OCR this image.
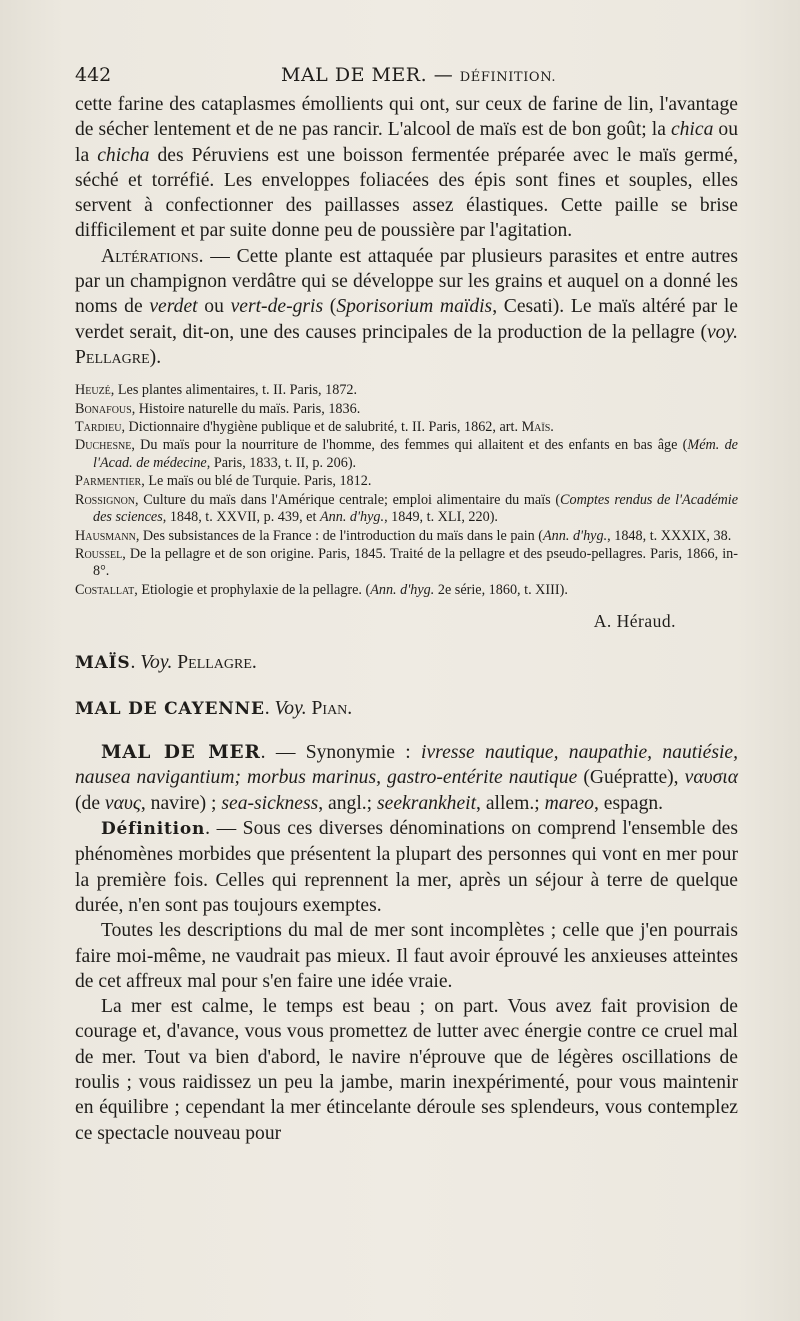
442	MAL DE MER. — DÉFINITION.

cette farine des cataplasmes émollients qui ont, sur ceux de farine de lin, l'avantage de sécher lentement et de ne pas rancir. L'alcool de maïs est de bon goût; la chica ou la chicha des Péruviens est une boisson fermentée préparée avec le maïs germé, séché et torréfié. Les enveloppes foliacées des épis sont fines et souples, elles servent à confectionner des paillasses assez élastiques. Cette paille se brise difficilement et par suite donne peu de poussière par l'agitation.

Altérations. — Cette plante est attaquée par plusieurs parasites et entre autres par un champignon verdâtre qui se développe sur les grains et auquel on a donné les noms de verdet ou vert-de-gris (Sporisorium maïdis, Cesati). Le maïs altéré par le verdet serait, dit-on, une des causes principales de la production de la pellagre (voy. Pellagre).

Heuzé, Les plantes alimentaires, t. II. Paris, 1872.

Bonafous, Histoire naturelle du maïs. Paris, 1836.

Tardieu, Dictionnaire d'hygiène publique et de salubrité, t. II. Paris, 1862, art. Maïs.

Duchesne, Du maïs pour la nourriture de l'homme, des femmes qui allaitent et des enfants en bas âge (Mém. de l'Acad. de médecine, Paris, 1833, t. II, p. 206).

Parmentier, Le maïs ou blé de Turquie. Paris, 1812.

Rossignon, Culture du maïs dans l'Amérique centrale; emploi alimentaire du maïs (Comptes rendus de l'Académie des sciences, 1848, t. XXVII, p. 439, et Ann. d'hyg., 1849, t. XLI, 220).

Hausmann, Des subsistances de la France : de l'introduction du maïs dans le pain (Ann. d'hyg., 1848, t. XXXIX, 38.

Roussel, De la pellagre et de son origine. Paris, 1845. Traité de la pellagre et des pseudo-pellagres. Paris, 1866, in-8°.

Costallat, Etiologie et prophylaxie de la pellagre. (Ann. d'hyg. 2e série, 1860, t. XIII).

A. Héraud.
MAÏS. Voy. Pellagre.
MAL DE CAYENNE. Voy. Pian.

MAL DE MER. — Synonymie : ivresse nautique, naupathie, nautiésie, nausea navigantium; morbus marinus, gastro-entérite nautique (Guépratte), ναυσια (de ναυς, navire) ; sea-sickness, angl.; seekrankheit, allem.; mareo, espagn.

Définition. — Sous ces diverses dénominations on comprend l'ensemble des phénomènes morbides que présentent la plupart des personnes qui vont en mer pour la première fois. Celles qui reprennent la mer, après un séjour à terre de quelque durée, n'en sont pas toujours exemptes.

Toutes les descriptions du mal de mer sont incomplètes ; celle que j'en pourrais faire moi-même, ne vaudrait pas mieux. Il faut avoir éprouvé les anxieuses atteintes de cet affreux mal pour s'en faire une idée vraie.

La mer est calme, le temps est beau ; on part. Vous avez fait provision de courage et, d'avance, vous vous promettez de lutter avec énergie contre ce cruel mal de mer. Tout va bien d'abord, le navire n'éprouve que de légères oscillations de roulis ; vous raidissez un peu la jambe, marin inexpérimenté, pour vous maintenir en équilibre ; cependant la mer étincelante déroule ses splendeurs, vous contemplez ce spectacle nouveau pour
